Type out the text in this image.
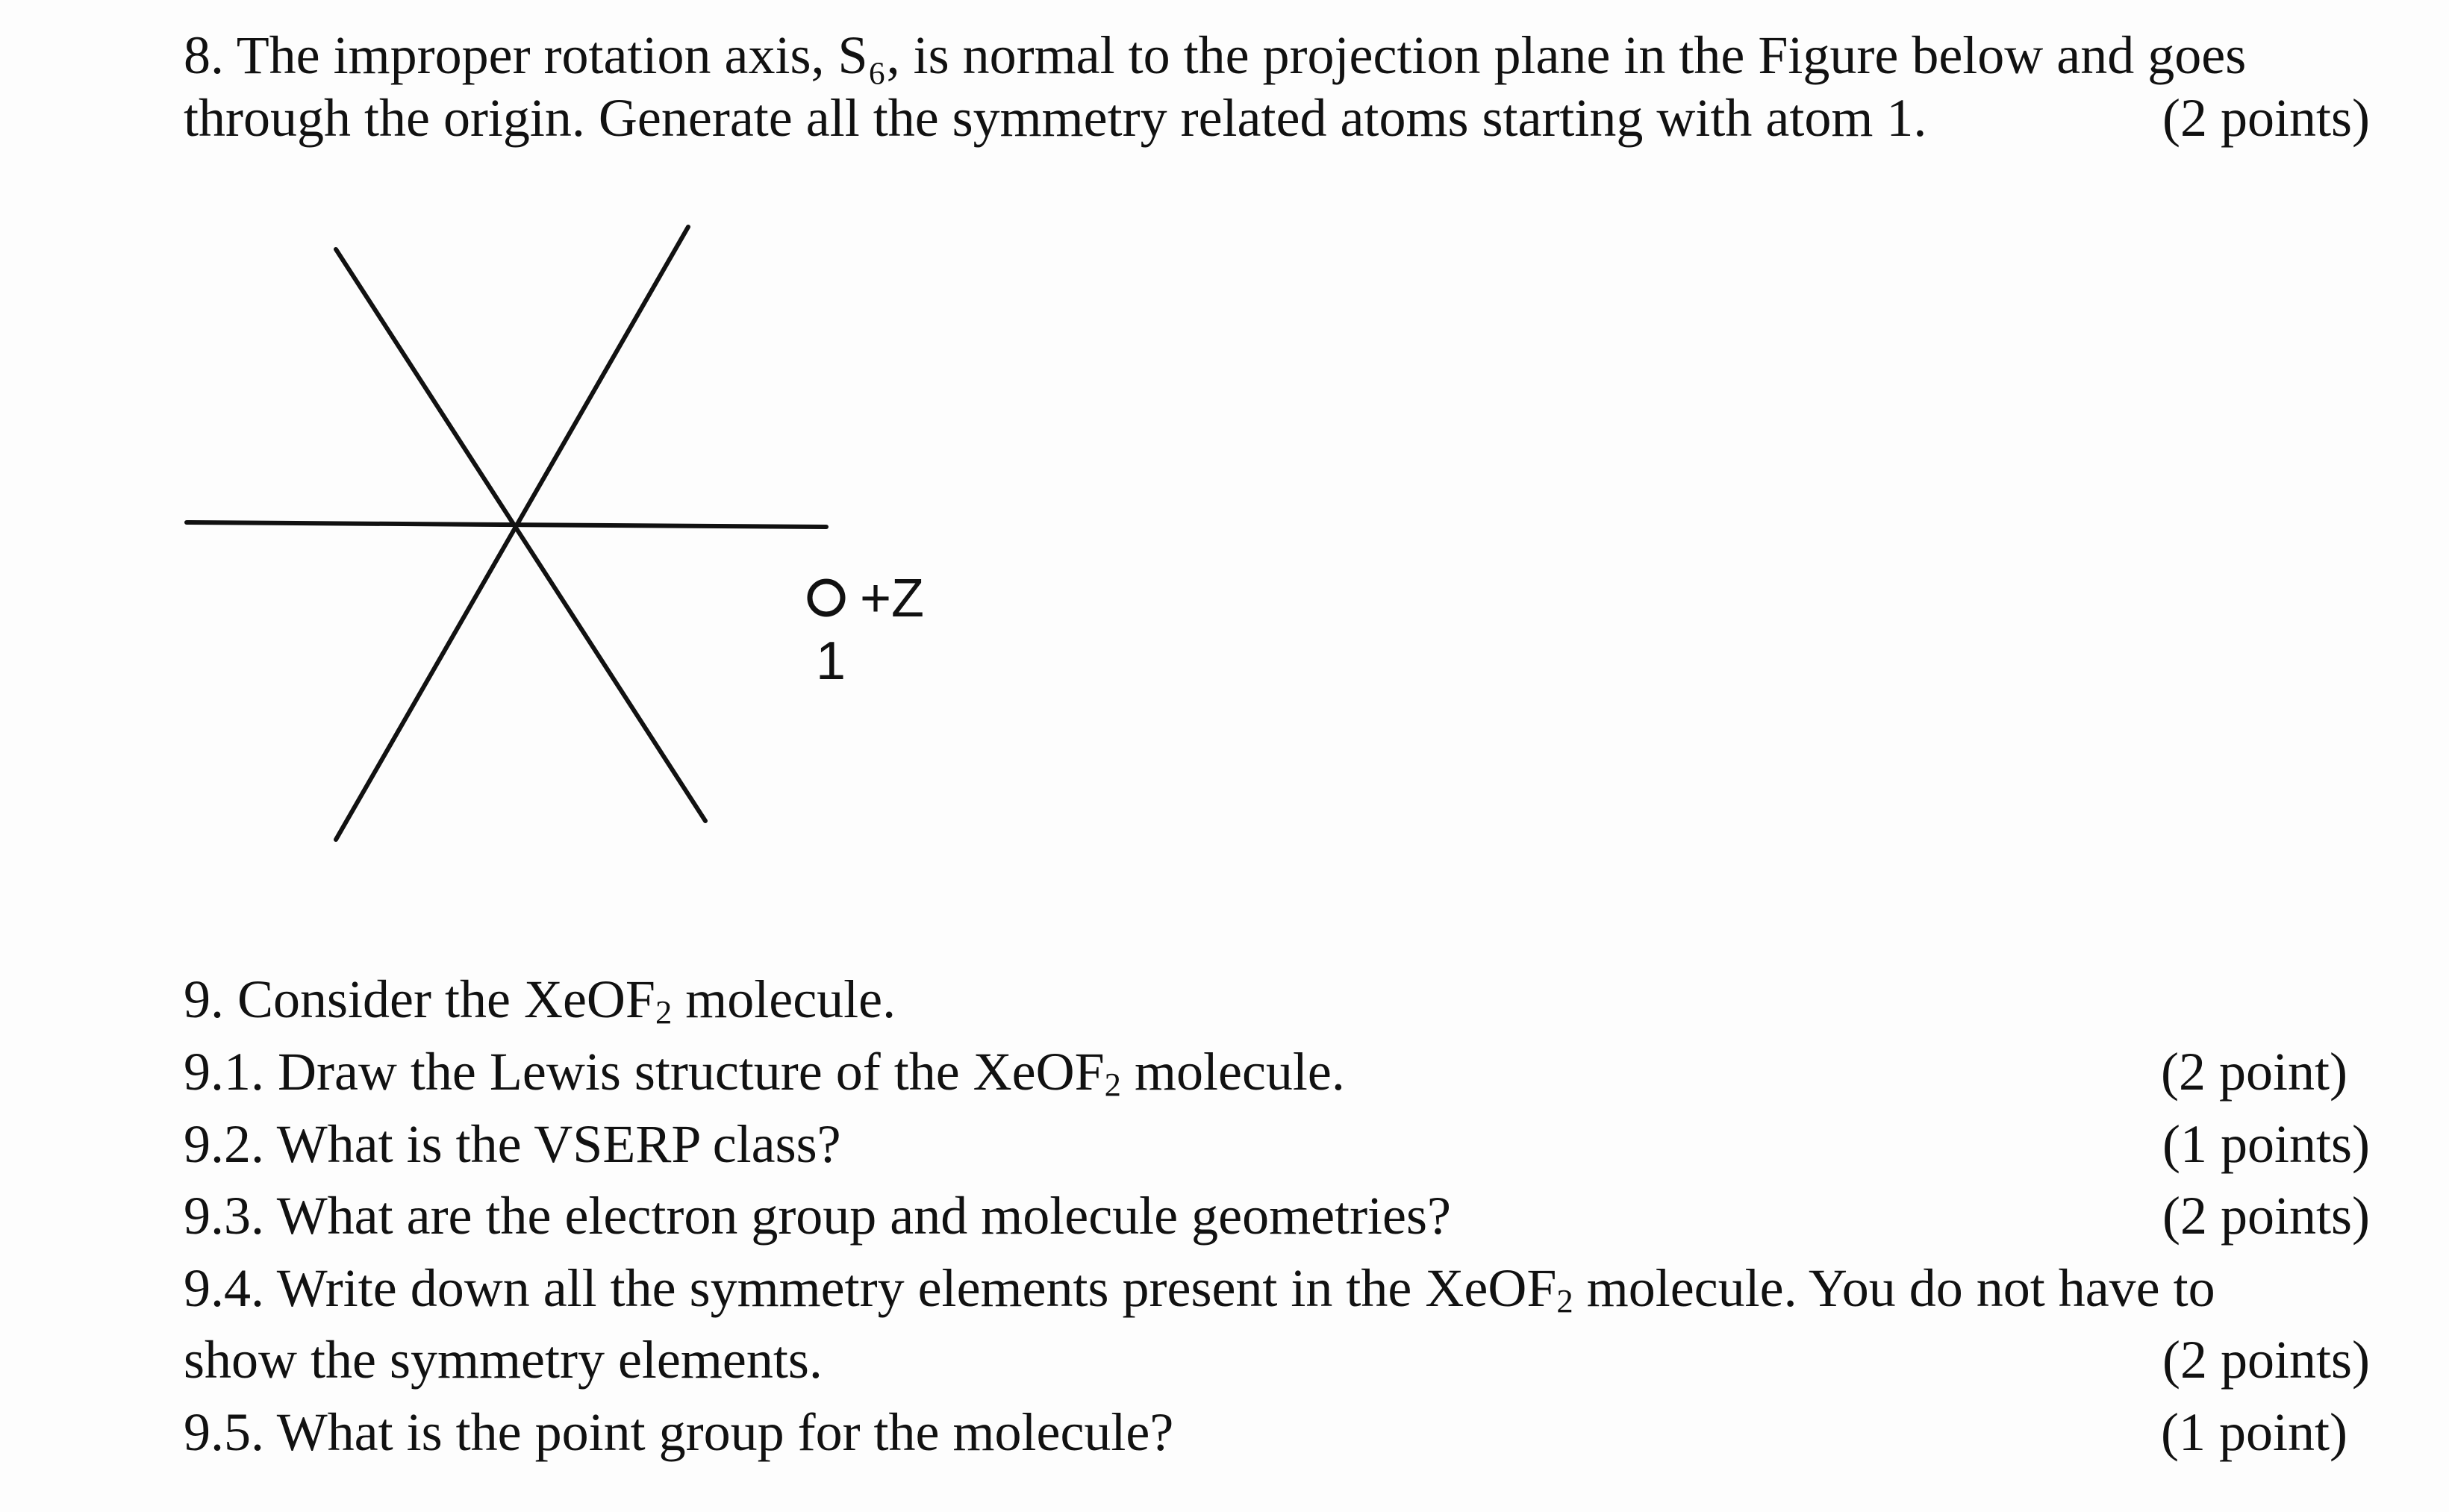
8. The improper rotation axis, S₆, is normal to the projection plane in the Figure below and goes
through the origin. Generate all the symmetry related atoms starting with atom 1.	(2 points)
+Z
1
9. Consider the XeOF$_2$ molecule.
9.1. Draw the Lewis structure of the XeOF$_2$ molecule.	(2 point)
9.2. What is the VSERP class?	(1 points)
9.3. What are the electron group and molecule geometries?	(2 points)
9.4. Write down all the symmetry elements present in the XeOF$_2$ molecule. You do not have to
show the symmetry elements.	(2 points)
9.5. What is the point group for the molecule?	(1 point)
